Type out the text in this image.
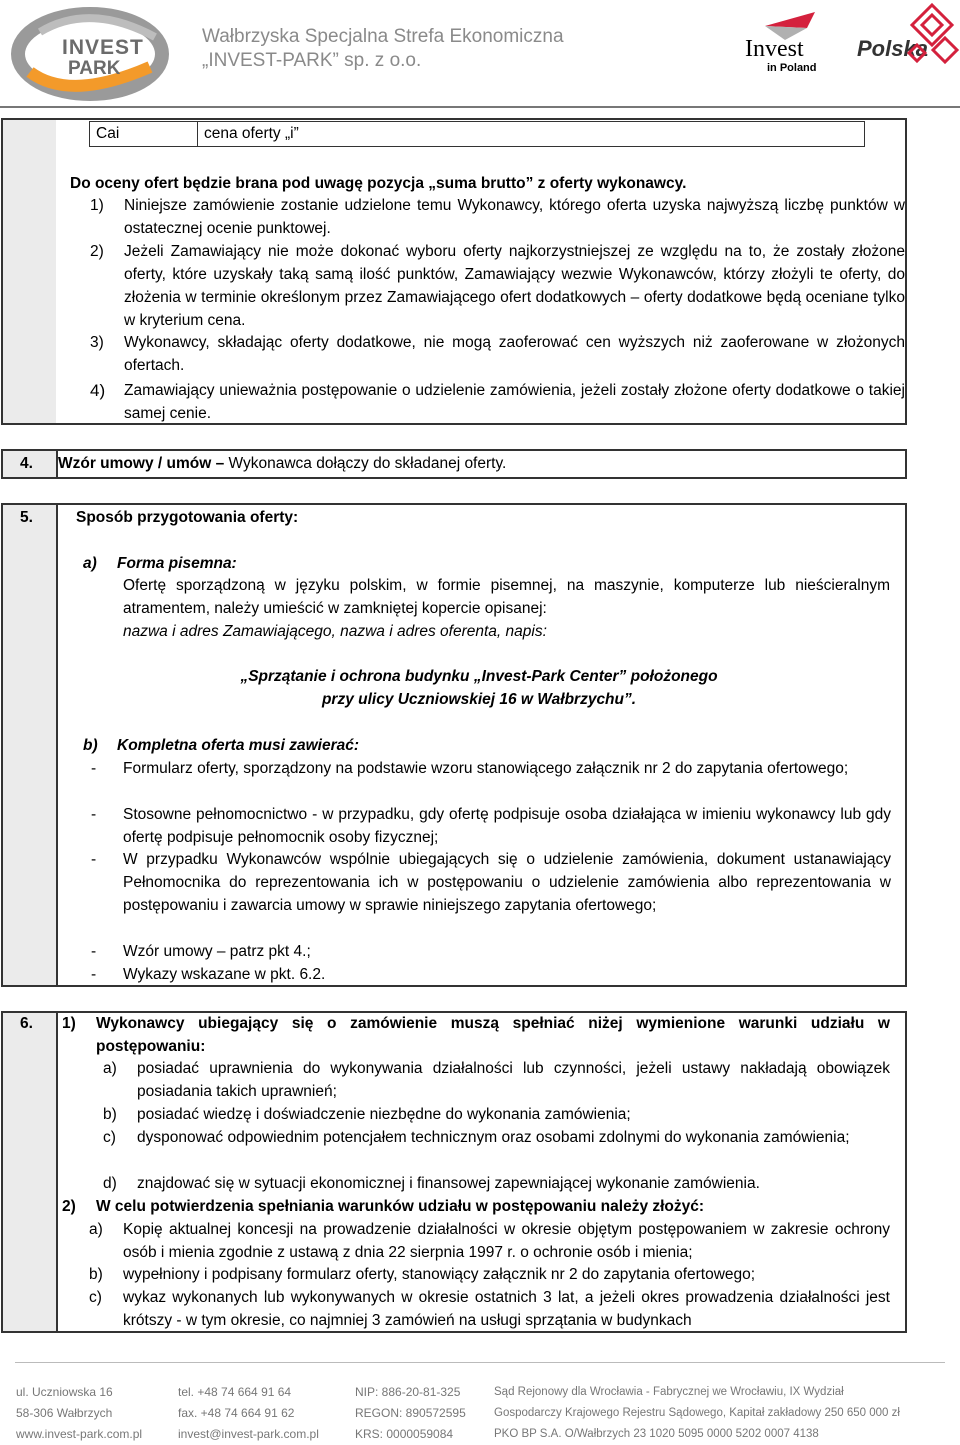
INVEST
PARK
Wałbrzyska Specjalna Strefa Ekonomiczna
„INVEST-PARK” sp. z o.o.	Invest
in Poland
Polska
Cai	cena oferty „i”
Do oceny ofert będzie brana pod uwagę pozycja „suma brutto” z oferty wykonawcy.
1) Niniejsze zamówienie zostanie udzielone temu Wykonawcy, którego oferta uzyska najwyższą liczbę punktów w ostatecznej ocenie punktowej.
2) Jeżeli Zamawiający nie może dokonać wyboru oferty najkorzystniejszej ze względu na to, że zostały złożone oferty, które uzyskały taką samą ilość punktów, Zamawiający wezwie Wykonawców, którzy złożyli te oferty, do złożenia w terminie określonym przez Zamawiającego ofert dodatkowych – oferty dodatkowe będą oceniane tylko w kryterium cena.
3) Wykonawcy, składając oferty dodatkowe, nie mogą zaoferować cen wyższych niż zaoferowane w złożonych ofertach.
4) Zamawiający unieważnia postępowanie o udzielenie zamówienia, jeżeli zostały złożone oferty dodatkowe o takiej samej cenie.
4. Wzór umowy / umów – Wykonawca dołączy do składanej oferty.
5.	Sposób przygotowania oferty:
a) Forma pisemna:
Ofertę sporządzoną w języku polskim, w formie pisemnej, na maszynie, komputerze lub nieścieralnym atramentem, należy umieścić w zamkniętej kopercie opisanej:
nazwa i adres Zamawiającego, nazwa i adres oferenta, napis:
„Sprzątanie i ochrona budynku „Invest-Park Center” położonego
przy ulicy Uczniowskiej 16 w Wałbrzychu”.
b) Kompletna oferta musi zawierać:
- Formularz oferty, sporządzony na podstawie wzoru stanowiącego załącznik nr 2 do zapytania ofertowego;
- Stosowne pełnomocnictwo - w przypadku, gdy ofertę podpisuje osoba działająca w imieniu wykonawcy lub gdy ofertę podpisuje pełnomocnik osoby fizycznej;
- W przypadku Wykonawców wspólnie ubiegających się o udzielenie zamówienia, dokument ustanawiający Pełnomocnika do reprezentowania ich w postępowaniu o udzielenie zamówienia albo reprezentowania w postępowaniu i zawarcia umowy w sprawie niniejszego zapytania ofertowego;
- Wzór umowy – patrz pkt 4.;
- Wykazy wskazane w pkt. 6.2.
6. 1) Wykonawcy ubiegający się o zamówienie muszą spełniać niżej wymienione warunki udziału w postępowaniu:
a) posiadać uprawnienia do wykonywania działalności lub czynności, jeżeli ustawy nakładają obowiązek posiadania takich uprawnień;
b) posiadać wiedzę i doświadczenie niezbędne do wykonania zamówienia;
c) dysponować odpowiednim potencjałem technicznym oraz osobami zdolnymi do wykonania zamówienia;
d) znajdować się w sytuacji ekonomicznej i finansowej zapewniającej wykonanie zamówienia.
2) W celu potwierdzenia spełniania warunków udziału w postępowaniu należy złożyć:
a) Kopię aktualnej koncesji na prowadzenie działalności w okresie objętym postępowaniem w zakresie ochrony osób i mienia zgodnie z ustawą z dnia 22 sierpnia 1997 r. o ochronie osób i mienia;
b) wypełniony i podpisany formularz oferty, stanowiący załącznik nr 2 do zapytania ofertowego;
c) wykaz wykonanych lub wykonywanych w okresie ostatnich 3 lat, a jeżeli okres prowadzenia działalności jest krótszy - w tym okresie, co najmniej 3 zamówień na usługi sprzątania w budynkach
ul. Uczniowska 16
58-306 Wałbrzych
www.invest-park.com.pl
tel. +48 74 664 91 64
fax. +48 74 664 91 62
invest@invest-park.com.pl
NIP: 886-20-81-325
REGON: 890572595
KRS: 0000059084
Sąd Rejonowy dla Wrocławia - Fabrycznej we Wrocławiu, IX Wydział
Gospodarczy Krajowego Rejestru Sądowego, Kapitał zakładowy 250 650 000 zł
PKO BP S.A. O/Wałbrzych 23 1020 5095 0000 5202 0007 4138
